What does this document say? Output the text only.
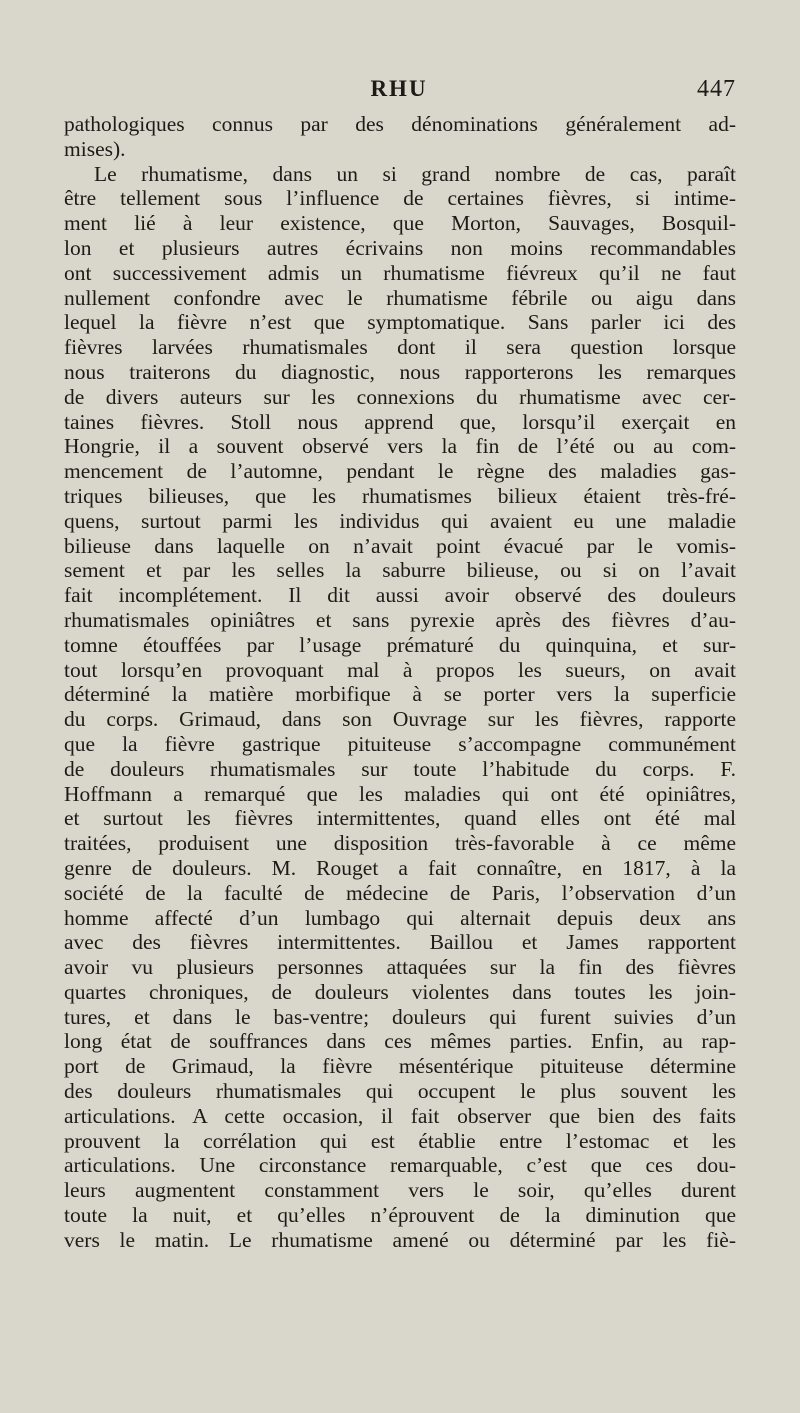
RHU	447
pathologiques connus par des dénominations généralement ad-
mises).
Le rhumatisme, dans un si grand nombre de cas, paraît
être tellement sous l’influence de certaines fièvres, si intime-
ment lié à leur existence, que Morton, Sauvages, Bosquil-
lon et plusieurs autres écrivains non moins recommandables
ont successivement admis un rhumatisme fiévreux qu’il ne faut
nullement confondre avec le rhumatisme fébrile ou aigu dans
lequel la fièvre n’est que symptomatique. Sans parler ici des
fièvres larvées rhumatismales dont il sera question lorsque
nous traiterons du diagnostic, nous rapporterons les remarques
de divers auteurs sur les connexions du rhumatisme avec cer-
taines fièvres. Stoll nous apprend que, lorsqu’il exerçait en
Hongrie, il a souvent observé vers la fin de l’été ou au com-
mencement de l’automne, pendant le règne des maladies gas-
triques bilieuses, que les rhumatismes bilieux étaient très-fré-
quens, surtout parmi les individus qui avaient eu une maladie
bilieuse dans laquelle on n’avait point évacué par le vomis-
sement et par les selles la saburre bilieuse, ou si on l’avait
fait incomplétement. Il dit aussi avoir observé des douleurs
rhumatismales opiniâtres et sans pyrexie après des fièvres d’au-
tomne étouffées par l’usage prématuré du quinquina, et sur-
tout lorsqu’en provoquant mal à propos les sueurs, on avait
déterminé la matière morbifique à se porter vers la superficie
du corps. Grimaud, dans son Ouvrage sur les fièvres, rapporte
que la fièvre gastrique pituiteuse s’accompagne communément
de douleurs rhumatismales sur toute l’habitude du corps. F.
Hoffmann a remarqué que les maladies qui ont été opiniâtres,
et surtout les fièvres intermittentes, quand elles ont été mal
traitées, produisent une disposition très-favorable à ce même
genre de douleurs. M. Rouget a fait connaître, en 1817, à la
société de la faculté de médecine de Paris, l’observation d’un
homme affecté d’un lumbago qui alternait depuis deux ans
avec des fièvres intermittentes. Baillou et James rapportent
avoir vu plusieurs personnes attaquées sur la fin des fièvres
quartes chroniques, de douleurs violentes dans toutes les join-
tures, et dans le bas-ventre; douleurs qui furent suivies d’un
long état de souffrances dans ces mêmes parties. Enfin, au rap-
port de Grimaud, la fièvre mésentérique pituiteuse détermine
des douleurs rhumatismales qui occupent le plus souvent les
articulations. A cette occasion, il fait observer que bien des faits
prouvent la corrélation qui est établie entre l’estomac et les
articulations. Une circonstance remarquable, c’est que ces dou-
leurs augmentent constamment vers le soir, qu’elles durent
toute la nuit, et qu’elles n’éprouvent de la diminution que
vers le matin. Le rhumatisme amené ou déterminé par les fiè-
